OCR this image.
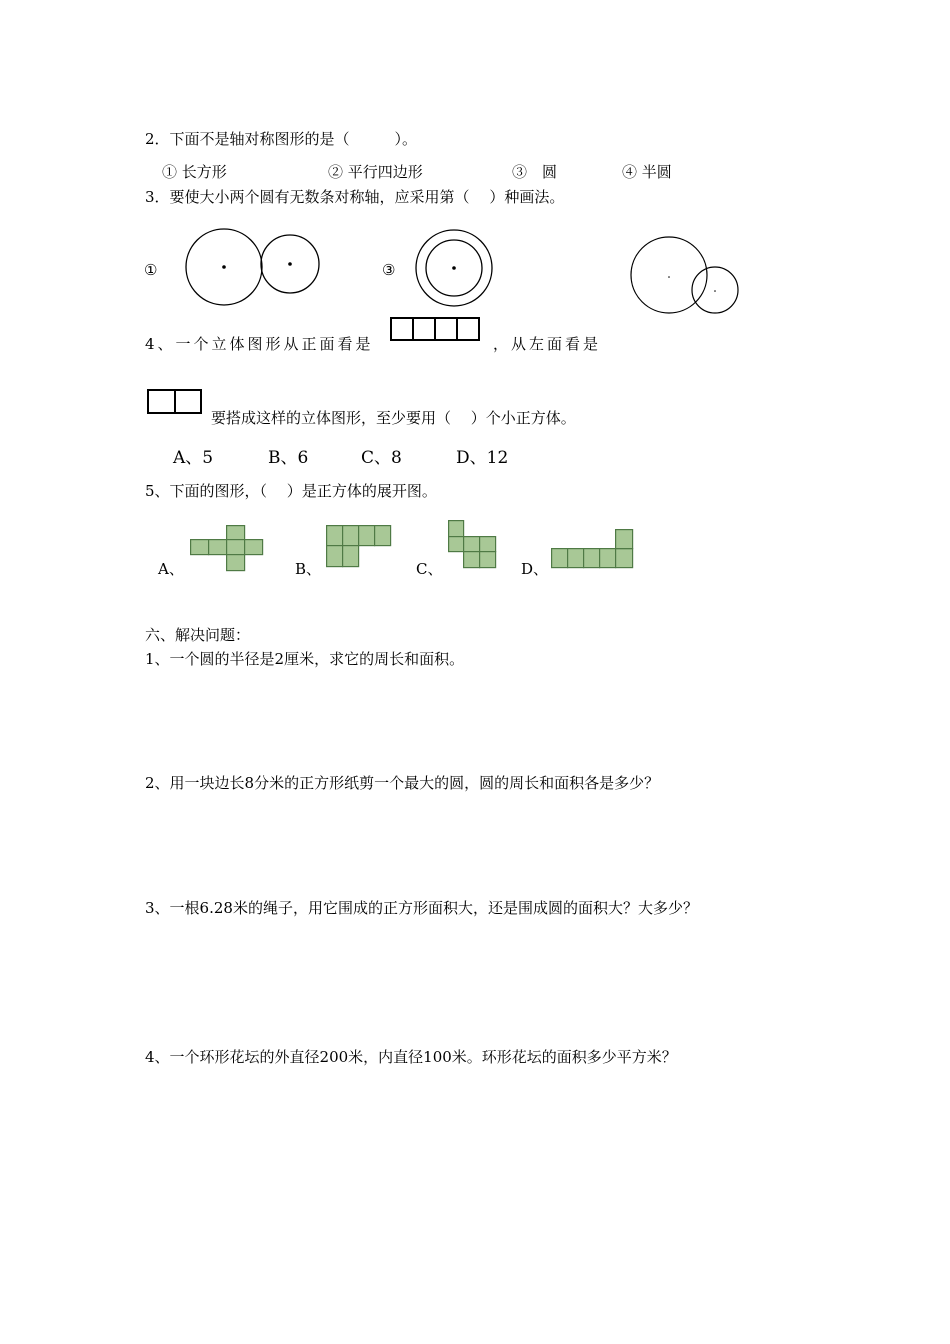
2．下面不是轴对称图形的是（　　　）。
① 长方形	② 平行四边形	③　圆	④ 半圆
3．要使大小两个圆有无数条对称轴，应采用第（　 ）种画法。
①	③
4、一个立体图形从正面看是	，从左面看是
要搭成这样的立体图形，至少要用（　 ）个小正方体。
A、5	B、6	C、8	D、12
5、下面的图形，（　 ）是正方体的展开图。
A、	B、	C、	D、
六、解决问题：
1、一个圆的半径是2厘米，求它的周长和面积。
2、用一块边长8分米的正方形纸剪一个最大的圆，圆的周长和面积各是多少？
3、一根6.28米的绳子，用它围成的正方形面积大，还是围成圆的面积大？大多少？
4、一个环形花坛的外直径200米，内直径100米。环形花坛的面积多少平方米？
